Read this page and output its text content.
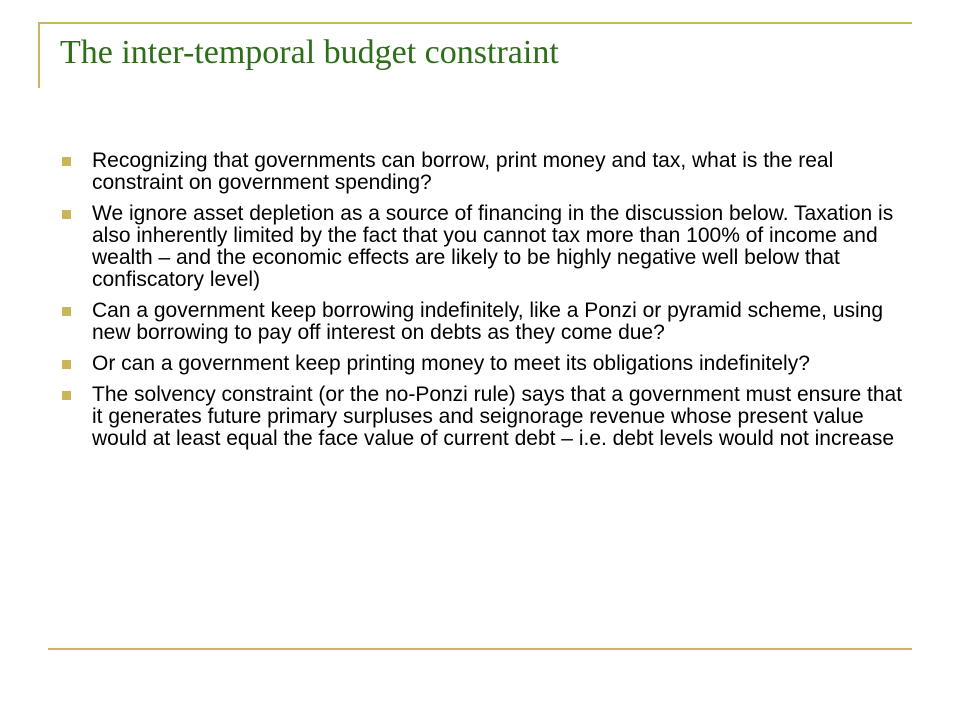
The inter-temporal budget constraint
Recognizing that governments can borrow, print money and tax, what is the real constraint on government spending?
We ignore asset depletion as a source of financing in the discussion below. Taxation is also inherently limited by the fact that you cannot tax more than 100% of income and wealth – and the economic effects are likely to be highly negative well below that confiscatory level)
Can a government keep borrowing indefinitely, like a Ponzi or pyramid scheme, using new borrowing to pay off interest on debts as they come due?
Or can a government keep printing money to meet its obligations indefinitely?
The solvency constraint (or the no-Ponzi rule) says that a government must ensure that it generates future primary surpluses and seignorage revenue whose present value would at least equal the face value of current debt – i.e. debt levels would not increase
